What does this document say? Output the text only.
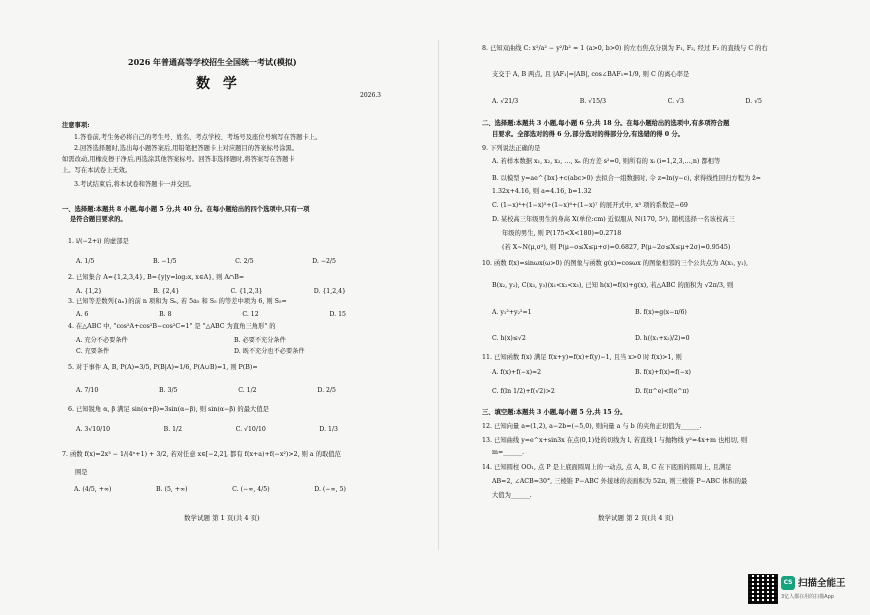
2026 年普通高等学校招生全国统一考试(模拟)
数 学
2026.3
注意事项:
1.答卷前,考生务必将自己的考生号、姓名、考点学校、考场号及座位号填写在答题卡上。
2.回答选择题时,选出每小题答案后,用铅笔把答题卡上对应题目的答案标号涂黑。
如需改动,用橡皮擦干净后,再选涂其他答案标号。回答非选择题时,将答案写在答题卡
上。写在本试卷上无效。
3.考试结束后,将本试卷和答题卡一并交回。
一、选择题:本题共 8 小题,每小题 5 分,共 40 分。在每小题给出的四个选项中,只有一项
是符合题目要求的。
1. i/(−2+i) 的虚部是
A. 1/5	B. −1/5	C. 2/5	D. −2/5
2. 已知集合 A={1,2,3,4}, B={y|y=log₂x, x∈A}, 则 A∩B=
A. {1,2}	B. {2,4}	C. {1,2,3}	D. {1,2,4}
3. 已知等差数列{aₙ}的前 n 项和为 Sₙ, 若 5a₅ 和 S₅ 的等差中项为 6, 则 S₅=
A. 6	B. 8	C. 12	D. 15
4. 在△ABC 中, "cos²A+cos²B−cos²C=1" 是 "△ABC 为直角三角形" 的
A. 充分不必要条件	B. 必要不充分条件
C. 充要条件	D. 既不充分也不必要条件
5. 对于事件 A, B, P(A)=3/5, P(B|A)=1/6, P(A∪B)=1, 则 P(B)=
A. 7/10	B. 3/5	C. 1/2	D. 2/5
6. 已知锐角 α, β 满足 sin(α+β)=3sin(α−β), 则 sin(α−β) 的最大值是
A. 3√10/10	B. 1/2	C. √10/10	D. 1/3
7. 函数 f(x)=2x³ − 1/(4ˣ+1) + 3/2, 若对任意 x∈[−2,2], 都有 f(x+a)+f(−x²)>2, 则 a 的取值范
围是
A. (4/5, +∞)	B. (5, +∞)	C. (−∞, 4/5)	D. (−∞, 5)
数学试题 第 1 页(共 4 页)
8. 已知双曲线 C: x²/a² − y²/b² = 1 (a>0, b>0) 的左右焦点分别为 F₁, F₂, 经过 F₂ 的直线与 C 的右
支交于 A, B 两点, 且 |AF₁|=|AB|, cos∠BAF₁=1/9, 则 C 的离心率是
A. √21/3	B. √15/3	C. √3	D. √5
二、选择题:本题共 3 小题,每小题 6 分,共 18 分。在每小题给出的选项中,有多项符合题
目要求。全部选对的得 6 分,部分选对的得部分分,有选错的得 0 分。
9. 下列说法正确的是
A. 若样本数据 x₁, x₂, x₃, …, xₙ 的方差 s²=0, 则所有的 xᵢ (i=1,2,3,…,n) 都相等
B. 以模型 y=ae^{bx}+c(abc>0) 去拟合一组数据时, 令 z=ln(y−c), 求得线性回归方程为 ẑ=
1.32x+4.16, 则 a=4.16, b=1.32
C. (1−x)⁴+(1−x)⁵+(1−x)⁶+(1−x)⁷ 的展开式中, x³ 项的系数是−69
D. 某校高三年级男生的身高 X(单位:cm) 近似服从 N(170, 5²), 随机选择一名该校高三
年级的男生, 则 P(175<X<180)=0.2718
(若 X~N(μ,σ²), 则 P(μ−σ≤X≤μ+σ)=0.6827, P(μ−2σ≤X≤μ+2σ)=0.9545)
10. 函数 f(x)=sinωx(ω>0) 的图象与函数 g(x)=cosωx 的图象相邻的三个公共点为 A(x₁, y₁),
B(x₂, y₂), C(x₃, y₃)(x₁<x₂<x₃), 已知 h(x)=f(x)+g(x), 若△ABC 的面积为 √2π/3, 则
A. y₁²+y₂²=1	B. f(x)=g(x−π/6)
C. h(x)≤√2	D. h((x₁+x₂)/2)=0
11. 已知函数 f(x) 满足 f(x+y)=f(x)+f(y)−1, 且当 x>0 时 f(x)>1, 则
A. f(x)+f(−x)=2	B. f(x)+f(x)=f(−x)
C. f(ln 1/2)+f(√2)>2	D. f(π^e)<f(e^π)
三、填空题:本题共 3 小题,每小题 5 分,共 15 分。
12. 已知向量 a=(1,2), a−2b=(−5,0), 则向量 a 与 b 的夹角正切值为______.
13. 已知曲线 y=e^x+sin3x 在点(0,1)处的切线为 l, 若直线 l 与抛物线 y²=4x+m 也相切, 则
m=______.
14. 已知圆柱 OO₁, 点 P 是上底面圆周上的一动点, 点 A, B, C 在下底面的圆周上, 且满足
AB=2, ∠ACB=30°, 三棱锥 P−ABC 外接球的表面积为 52π, 则三棱锥 P−ABC 体积的最
大值为______.
数学试题 第 2 页(共 4 页)
CS 扫描全能王
3亿人都在用的扫描App
